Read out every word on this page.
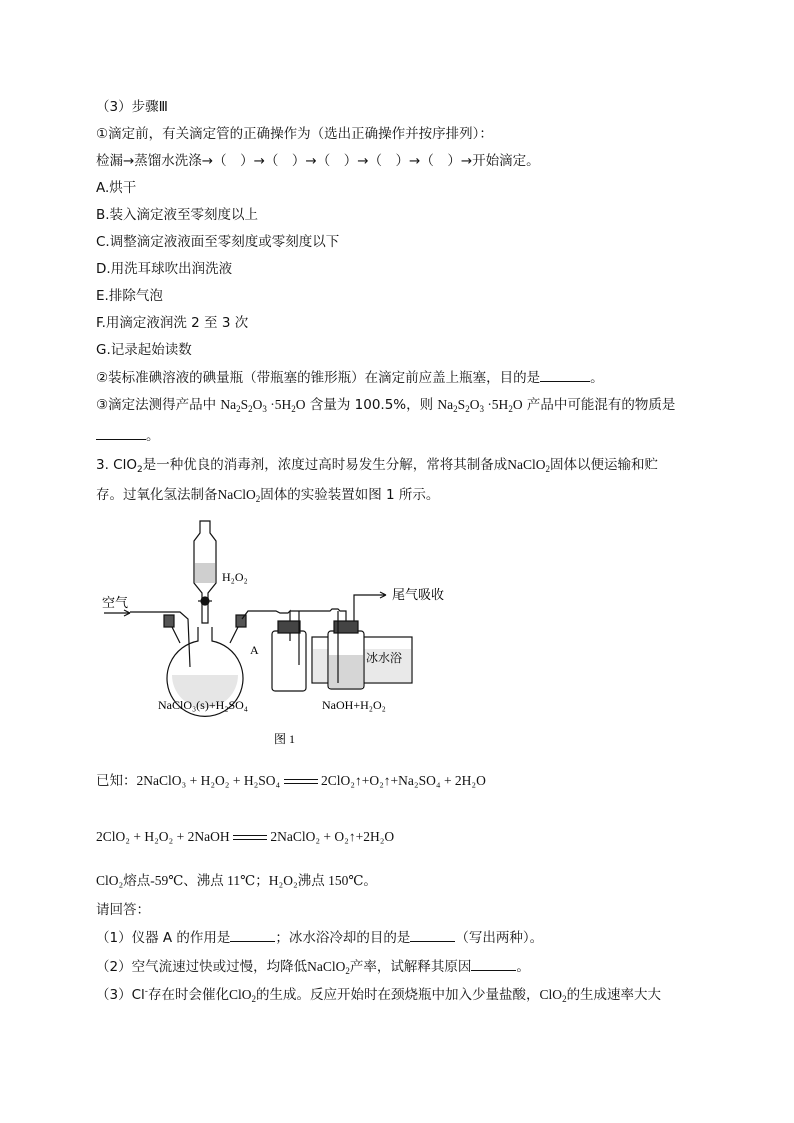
（3）步骤Ⅲ
①滴定前，有关滴定管的正确操作为（选出正确操作并按序排列）：
检漏→蒸馏水洗涤→（　）→（　）→（　）→（　）→（　）→开始滴定。
A.烘干
B.装入滴定液至零刻度以上
C.调整滴定液液面至零刻度或零刻度以下
D.用洗耳球吹出润洗液
E.排除气泡
F.用滴定液润洗 2 至 3 次
G.记录起始读数
②装标准碘溶液的碘量瓶（带瓶塞的锥形瓶）在滴定前应盖上瓶塞，目的是	。
③滴定法测得产品中 $Na_2S_2O_3 \cdot 5H_2O$ 含量为 100.5%，则 $Na_2S_2O_3 \cdot 5H_2O$ 产品中可能混有的物质是
。
3. ClO$_2$是一种优良的消毒剂，浓度过高时易发生分解，常将其制备成NaClO$_2$固体以便运输和贮
存。过氧化氢法制备NaClO$_2$固体的实验装置如图 1 所示。
空气
H₂O₂
尾气吸收
A
冰水浴
NaClO₃(s)+H₂SO₄	NaOH+H₂O₂
图 1
已知：2NaClO₃ + H₂O₂ + H₂SO₄	2ClO₂↑+O₂↑+Na₂SO₄ + 2H₂O
2ClO₂ + H₂O₂ + 2NaOH	2NaClO₂ + O₂↑+2H₂O
ClO₂熔点-59℃、沸点 11℃；H₂O₂沸点 150℃。
请回答：
（1）仪器 A 的作用是	；冰水浴冷却的目的是	（写出两种）。
（2）空气流速过快或过慢，均降低NaClO$_2$产率，试解释其原因	。
（3）Cl-存在时会催化ClO$_2$的生成。反应开始时在颈烧瓶中加入少量盐酸，ClO$_2$的生成速率大大
